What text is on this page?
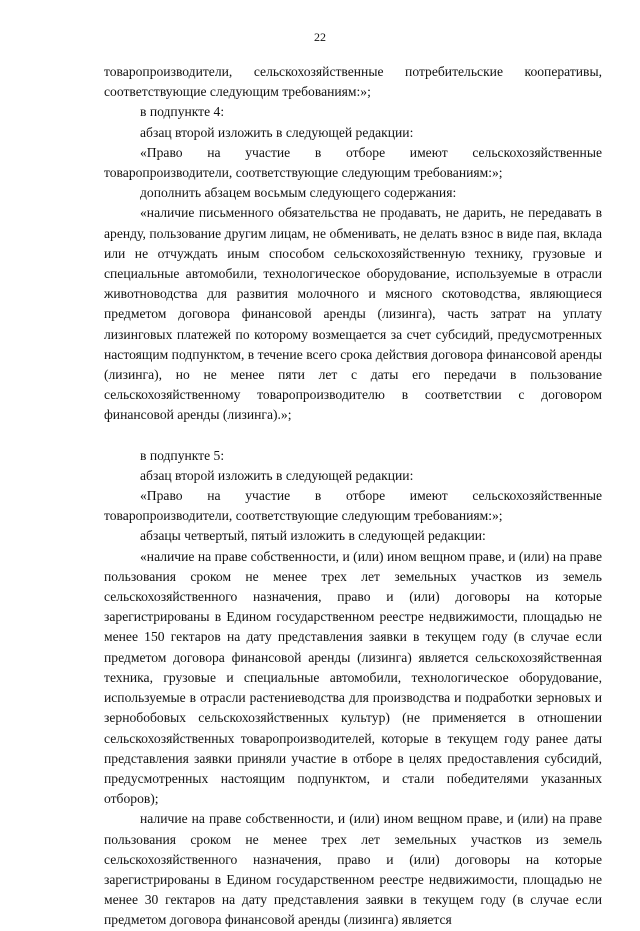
22

товаропроизводители, сельскохозяйственные потребительские кооперативы, соответствующие следующим требованиям:»;

в подпункте 4:

абзац второй изложить в следующей редакции:

«Право на участие в отборе имеют сельскохозяйственные товаропроизводители, соответствующие следующим требованиям:»;

дополнить абзацем восьмым следующего содержания:

«наличие письменного обязательства не продавать, не дарить, не передавать в аренду, пользование другим лицам, не обменивать, не делать взнос в виде пая, вклада или не отчуждать иным способом сельскохозяйственную технику, грузовые и специальные автомобили, технологическое оборудование, используемые в отрасли животноводства для развития молочного и мясного скотоводства, являющиеся предметом договора финансовой аренды (лизинга), часть затрат на уплату лизинговых платежей по которому возмещается за счет субсидий, предусмотренных настоящим подпунктом, в течение всего срока действия договора финансовой аренды (лизинга), но не менее пяти лет с даты его передачи в пользование сельскохозяйственному товаропроизводителю в соответствии с договором финансовой аренды (лизинга).»;

в подпункте 5:

абзац второй изложить в следующей редакции:

«Право на участие в отборе имеют сельскохозяйственные товаропроизводители, соответствующие следующим требованиям:»;

абзацы четвертый, пятый изложить в следующей редакции:

«наличие на праве собственности, и (или) ином вещном праве, и (или) на праве пользования сроком не менее трех лет земельных участков из земель сельскохозяйственного назначения, право и (или) договоры на которые зарегистрированы в Едином государственном реестре недвижимости, площадью не менее 150 гектаров на дату представления заявки в текущем году (в случае если предметом договора финансовой аренды (лизинга) является сельскохозяйственная техника, грузовые и специальные автомобили, технологическое оборудование, используемые в отрасли растениеводства для производства и подработки зерновых и зернобобовых сельскохозяйственных культур) (не применяется в отношении сельскохозяйственных товаропроизводителей, которые в текущем году ранее даты представления заявки приняли участие в отборе в целях предоставления субсидий, предусмотренных настоящим подпунктом, и стали победителями указанных отборов);

наличие на праве собственности, и (или) ином вещном праве, и (или) на праве пользования сроком не менее трех лет земельных участков из земель сельскохозяйственного назначения, право и (или) договоры на которые зарегистрированы в Едином государственном реестре недвижимости, площадью не менее 30 гектаров на дату представления заявки в текущем году (в случае если предметом договора финансовой аренды (лизинга) является
